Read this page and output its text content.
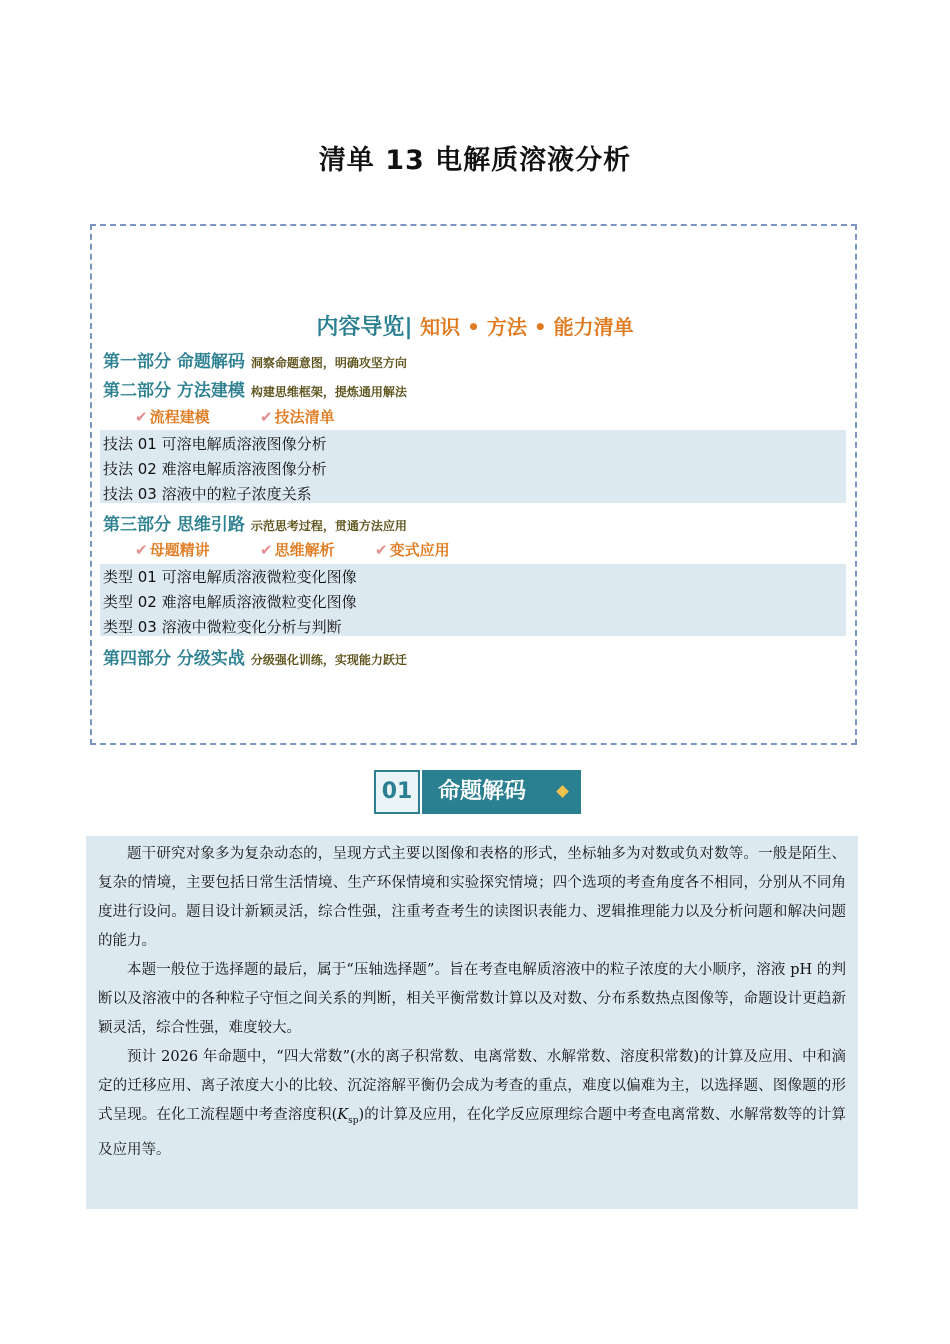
清单 13 电解质溶液分析
内容导览| 知识 • 方法 • 能力清单
第一部分 命题解码 洞察命题意图，明确攻坚方向
第二部分 方法建模 构建思维框架，提炼通用解法
✔ 流程建模	✔ 技法清单
技法 01 可溶电解质溶液图像分析
技法 02 难溶电解质溶液图像分析
技法 03 溶液中的粒子浓度关系
第三部分 思维引路 示范思考过程，贯通方法应用
✔ 母题精讲	✔ 思维解析	✔ 变式应用
类型 01 可溶电解质溶液微粒变化图像
类型 02 难溶电解质溶液微粒变化图像
类型 03 溶液中微粒变化分析与判断
第四部分 分级实战 分级强化训练，实现能力跃迁
01	命题解码
题干研究对象多为复杂动态的，呈现方式主要以图像和表格的形式，坐标轴多为对数或负对数等。一般是陌生、复杂的情境，主要包括日常生活情境、生产环保情境和实验探究情境；四个选项的考查角度各不相同，分别从不同角度进行设问。题目设计新颖灵活，综合性强，注重考查考生的读图识表能力、逻辑推理能力以及分析问题和解决问题的能力。
本题一般位于选择题的最后，属于“压轴选择题”。旨在考查电解质溶液中的粒子浓度的大小顺序，溶液 pH 的判断以及溶液中的各种粒子守恒之间关系的判断，相关平衡常数计算以及对数、分布系数热点图像等，命题设计更趋新颖灵活，综合性强，难度较大。
预计 2026 年命题中，“四大常数”(水的离子积常数、电离常数、水解常数、溶度积常数)的计算及应用、中和滴定的迁移应用、离子浓度大小的比较、沉淀溶解平衡仍会成为考查的重点，难度以偏难为主，以选择题、图像题的形式呈现。在化工流程题中考查溶度积$(K_{sp})$的计算及应用，在化学反应原理综合题中考查电离常数、水解常数等的计算及应用等。
